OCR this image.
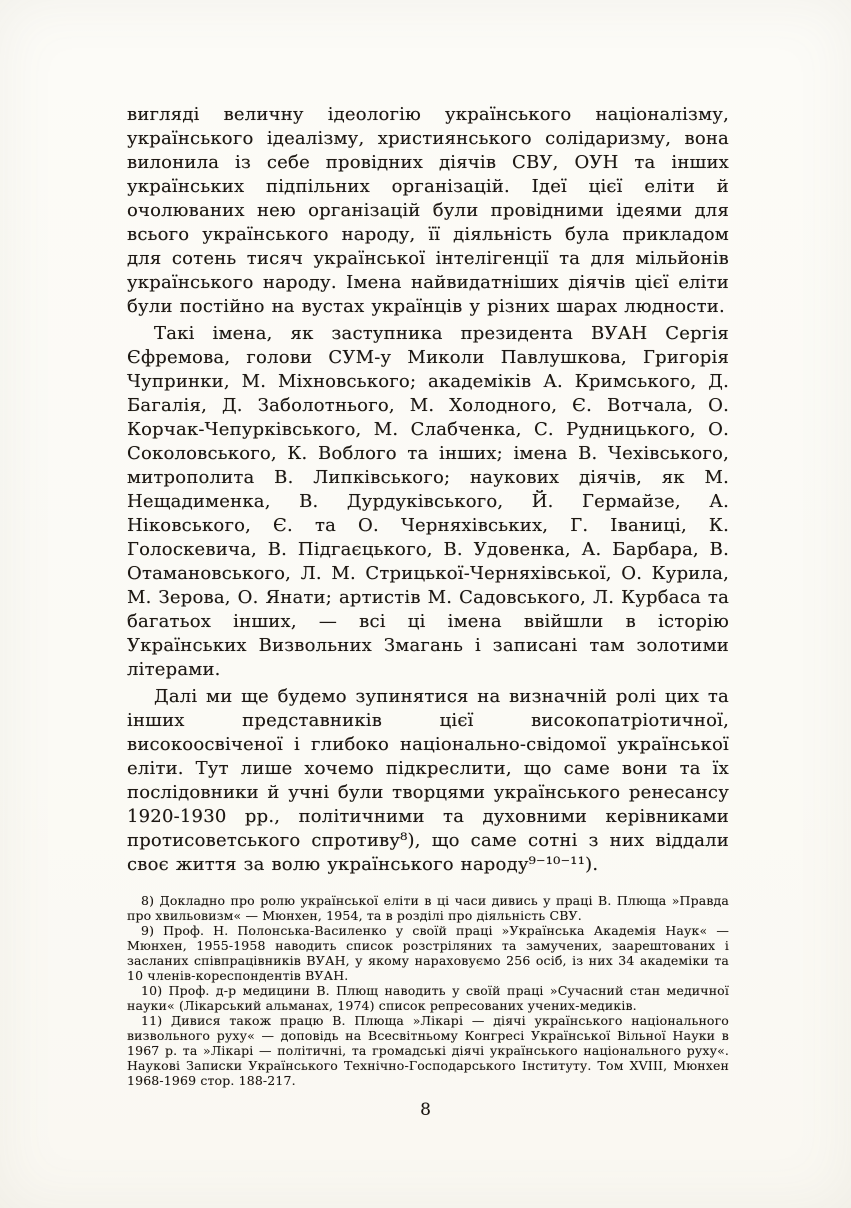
вигляді величну ідеологію українського націоналізму, українського ідеалізму, християнського солідаризму, вона вилонила із себе провідних діячів СВУ, ОУН та інших українських підпільних організацій. Ідеї цієї еліти й очолюваних нею організацій були провідними ідеями для всього українського народу, її діяльність була прикладом для сотень тисяч української інтелігенції та для мільйонів українського народу. Імена найвидатніших діячів цієї еліти були постійно на вустах українців у різних шарах людности.

Такі імена, як заступника президента ВУАН Сергія Єфремова, голови СУМ-у Миколи Павлушкова, Григорія Чупринки, М. Міхновського; академіків А. Кримського, Д. Багалія, Д. Заболотнього, М. Холодного, Є. Вотчала, О. Корчак-Чепурківського, М. Слабченка, С. Рудницького, О. Соколовського, К. Воблого та інших; імена В. Чехівського, митрополита В. Липківського; наукових діячів, як М. Нещадименка, В. Дурдуківського, Й. Гермайзе, А. Ніковського, Є. та О. Черняхівських, Г. Іваниці, К. Голоскевича, В. Підгаєцького, В. Удовенка, А. Барбара, В. Отамановського, Л. М. Стрицької-Черняхівської, О. Курила, М. Зерова, О. Янати; артистів М. Садовського, Л. Курбаса та багатьох інших, — всі ці імена ввійшли в історію Українських Визвольних Змагань і записані там золотими літерами.

Далі ми ще будемо зупинятися на визначній ролі цих та інших представників цієї високопатріотичної, високоосвіченої і глибоко національно-свідомої української еліти. Тут лише хочемо підкреслити, що саме вони та їх послідовники й учні були творцями українського ренесансу 1920-1930 рр., політичними та духовними керівниками протисоветського спротиву⁸), що саме сотні з них віддали своє життя за волю українського народу⁹⁻¹⁰⁻¹¹).

8) Докладно про ролю української еліти в ці часи дивись у праці В. Плюща »Правда про хвильовизм« — Мюнхен, 1954, та в розділі про діяльність СВУ.

9) Проф. Н. Полонська-Василенко у своїй праці »Українська Академія Наук« — Мюнхен, 1955-1958 наводить список розстріляних та замучених, заарештованих і засланих співпрацівників ВУАН, у якому нараховуємо 256 осіб, із них 34 академіки та 10 членів-кореспондентів ВУАН.

10) Проф. д-р медицини В. Плющ наводить у своїй праці »Сучасний стан медичної науки« (Лікарський альманах, 1974) список репресованих учених-медиків.

11) Дивися також працю В. Плюща »Лікарі — діячі українського національного визвольного руху« — доповідь на Всесвітньому Конгресі Української Вільної Науки в 1967 р. та »Лікарі — політичні, та громадські діячі українського національного руху«. Наукові Записки Українського Технічно-Господарського Інституту. Том XVIII, Мюнхен 1968-1969 стор. 188-217.

8
